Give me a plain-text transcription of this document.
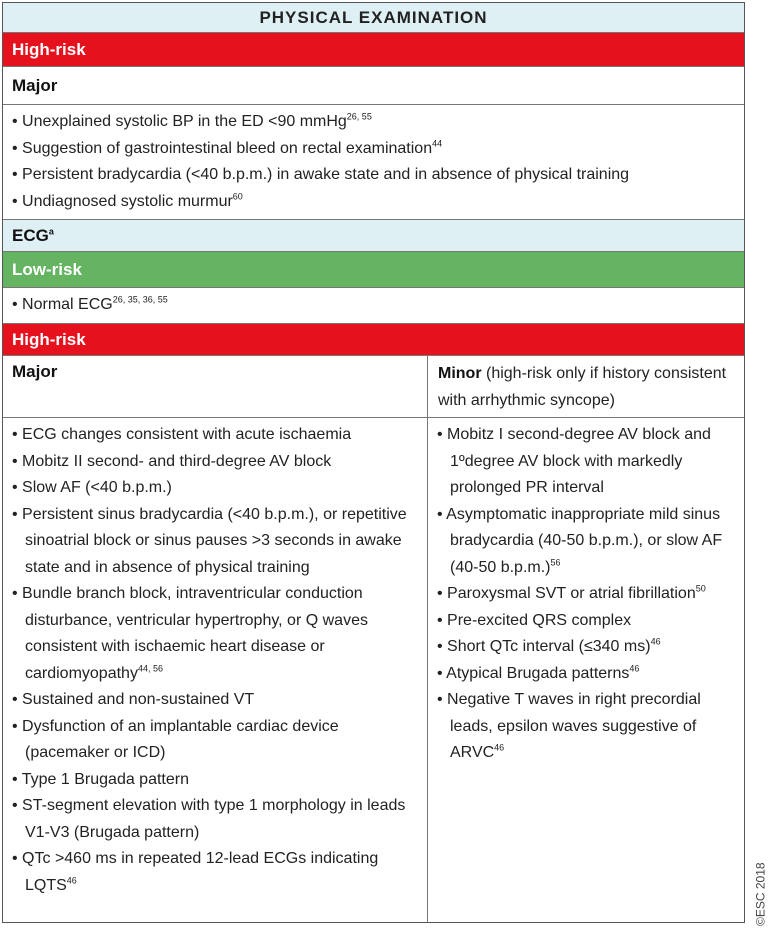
PHYSICAL EXAMINATION
High-risk
Major
• Unexplained systolic BP in the ED <90 mmHg$^{26, 55}$
• Suggestion of gastrointestinal bleed on rectal examination$^{44}$
• Persistent bradycardia (<40 b.p.m.) in awake state and in absence of physical training
• Undiagnosed systolic murmur$^{60}$
ECG$^a$
Low-risk
• Normal ECG$^{26, 35, 36, 55}$
High-risk
Major	Minor (high-risk only if history consistent with arrhythmic syncope)
• ECG changes consistent with acute ischaemia
• Mobitz II second- and third-degree AV block
• Slow AF (<40 b.p.m.)
• Persistent sinus bradycardia (<40 b.p.m.), or repetitive sinoatrial block or sinus pauses >3 seconds in awake state and in absence of physical training
• Bundle branch block, intraventricular conduction disturbance, ventricular hypertrophy, or Q waves consistent with ischaemic heart disease or cardiomyopathy$^{44, 56}$
• Sustained and non-sustained VT
• Dysfunction of an implantable cardiac device (pacemaker or ICD)
• Type 1 Brugada pattern
• ST-segment elevation with type 1 morphology in leads V1-V3 (Brugada pattern)
• QTc >460 ms in repeated 12-lead ECGs indicating LQTS$^{46}$
• Mobitz I second-degree AV block and 1ºdegree AV block with markedly prolonged PR interval
• Asymptomatic inappropriate mild sinus bradycardia (40-50 b.p.m.), or slow AF (40-50 b.p.m.)$^{56}$
• Paroxysmal SVT or atrial fibrillation$^{50}$
• Pre-excited QRS complex
• Short QTc interval (≤340 ms)$^{46}$
• Atypical Brugada patterns$^{46}$
• Negative T waves in right precordial leads, epsilon waves suggestive of ARVC$^{46}$
©ESC 2018
